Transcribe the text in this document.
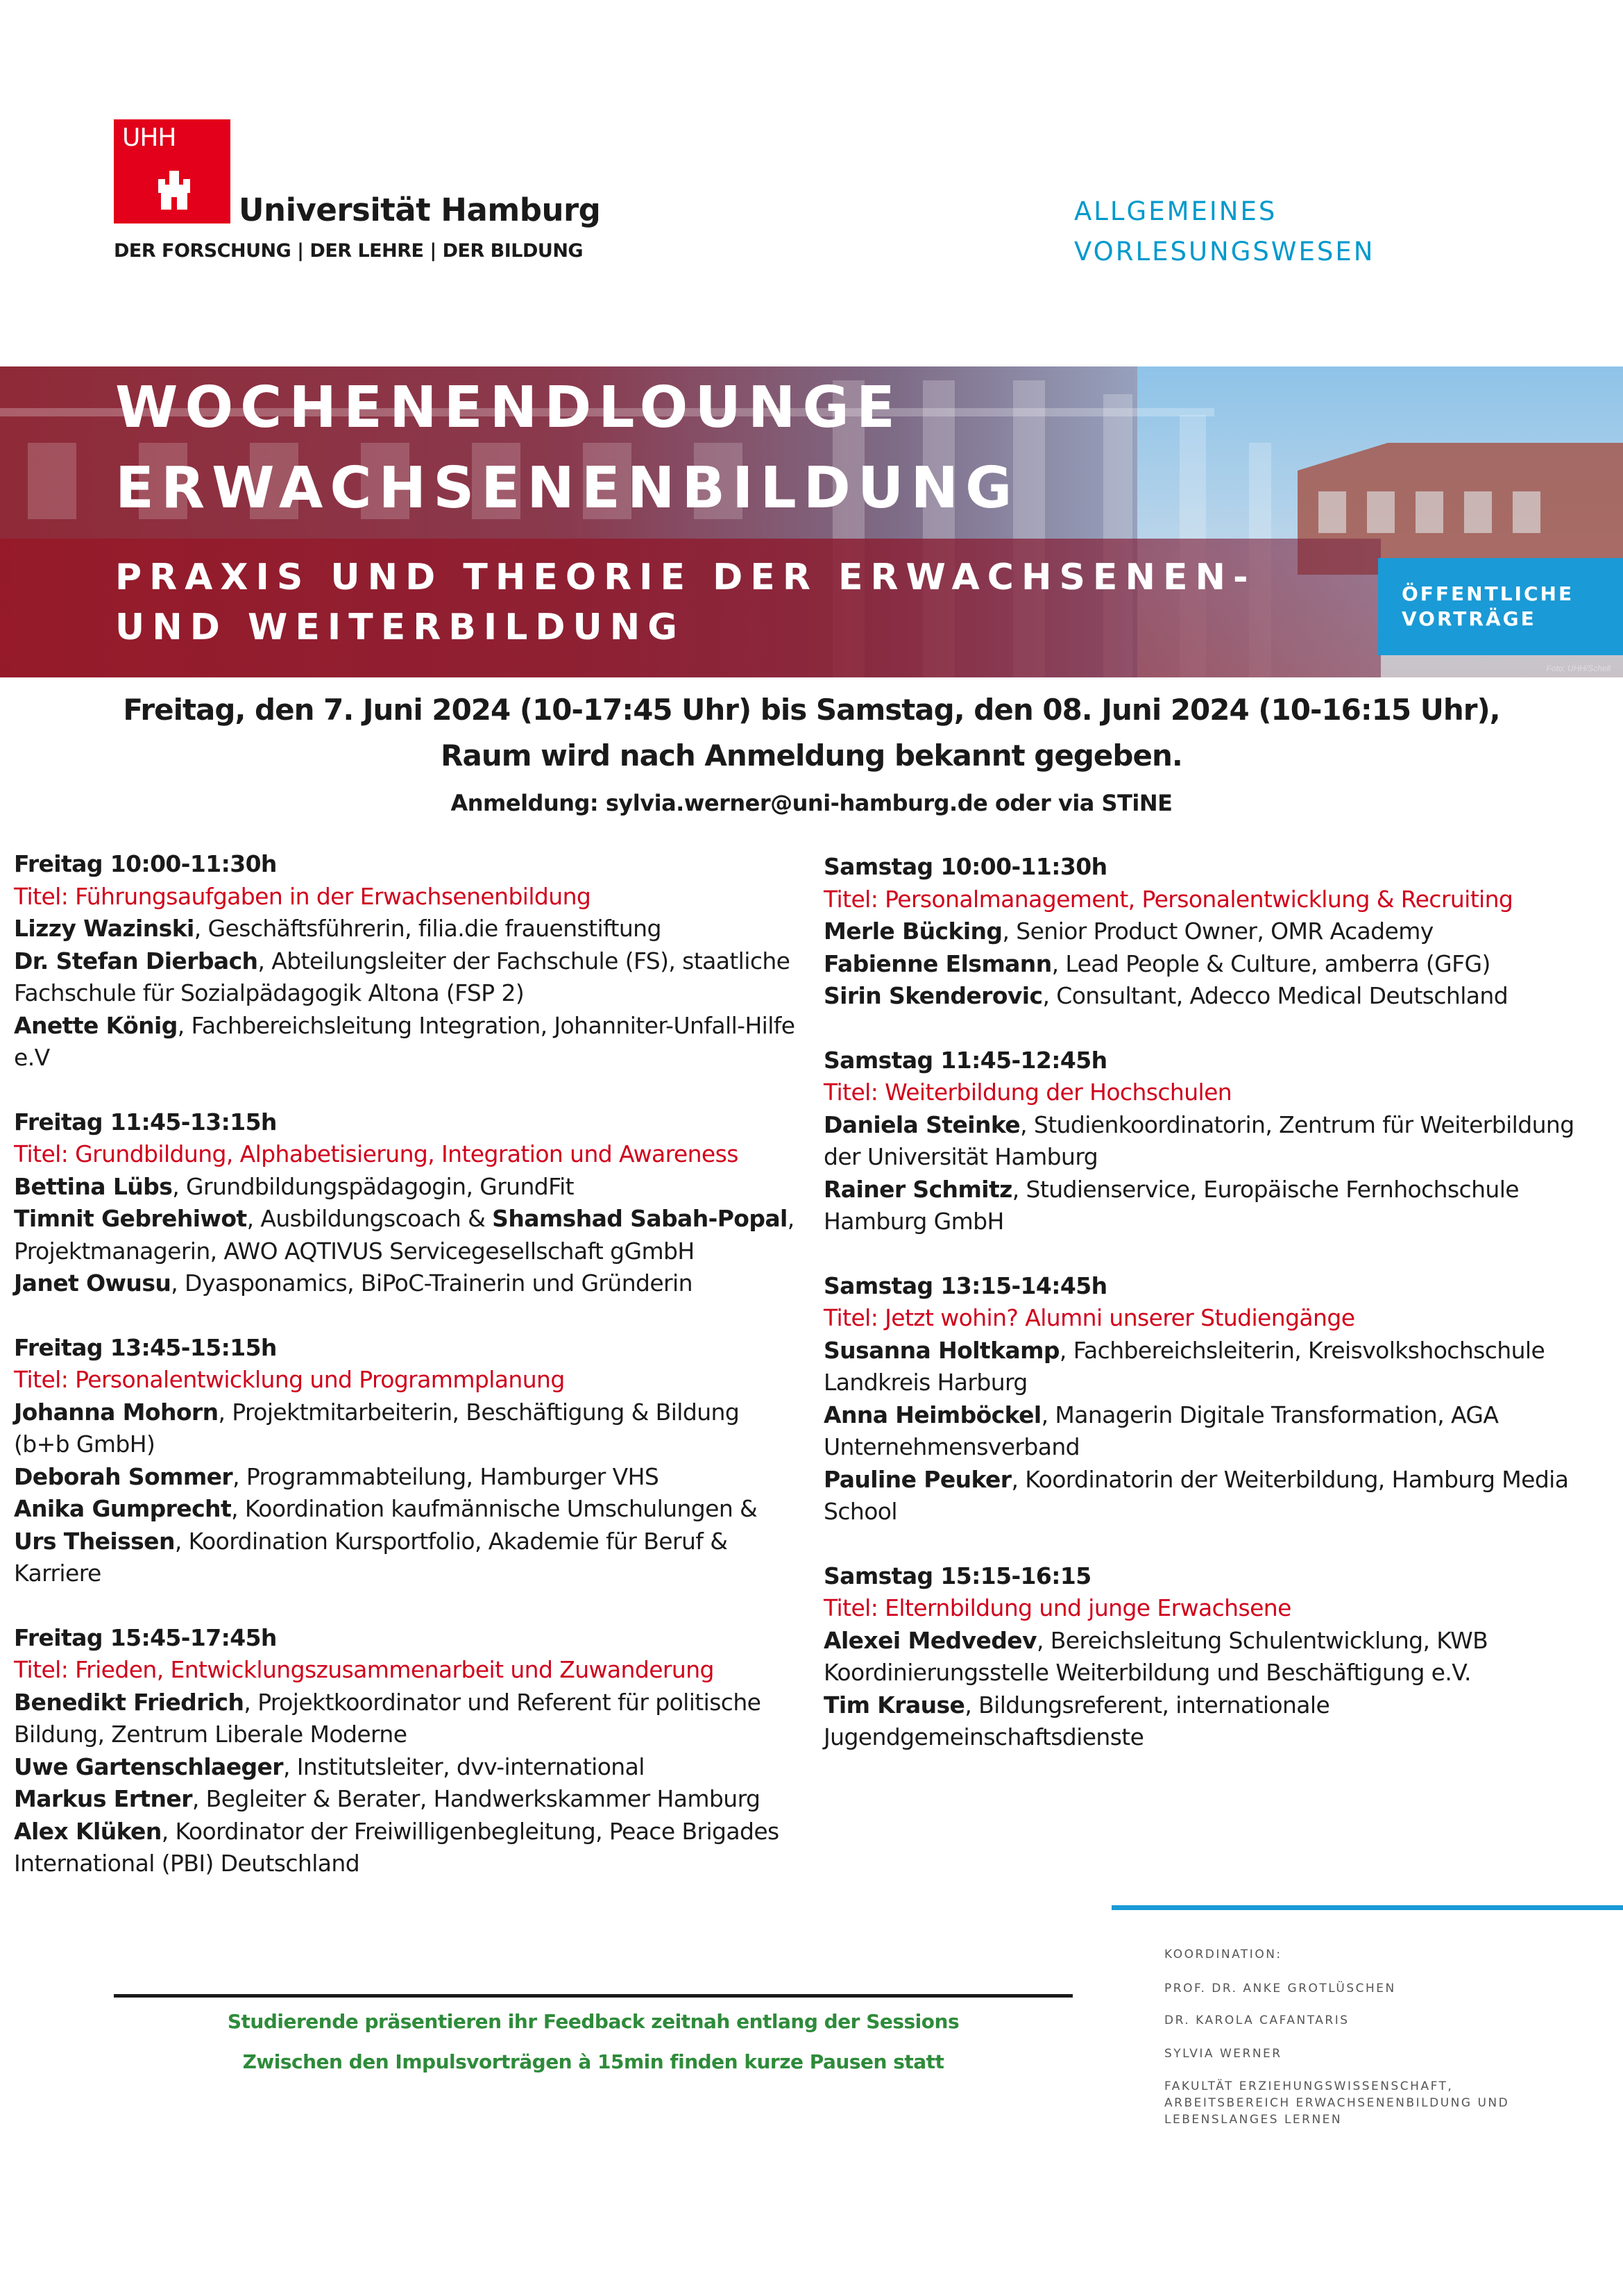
UHH
Universität Hamburg
DER FORSCHUNG | DER LEHRE | DER BILDUNG
ALLGEMEINES
VORLESUNGSWESEN
WOCHENENDLOUNGE
ERWACHSENENBILDUNG
PRAXIS UND THEORIE DER ERWACHSENEN-
UND WEITERBILDUNG
ÖFFENTLICHE
VORTRÄGE
Foto: UHH/Schell
Freitag, den 7. Juni 2024 (10-17:45 Uhr) bis Samstag, den 08. Juni 2024 (10-16:15 Uhr),
Raum wird nach Anmeldung bekannt gegeben.
Anmeldung: sylvia.werner@uni-hamburg.de oder via STiNE
Freitag 10:00-11:30h
Titel: Führungsaufgaben in der Erwachsenenbildung
Lizzy Wazinski, Geschäftsführerin, filia.die frauenstiftung
Dr. Stefan Dierbach, Abteilungsleiter der Fachschule (FS), staatliche Fachschule für Sozialpädagogik Altona (FSP 2)
Anette König, Fachbereichsleitung Integration, Johanniter-Unfall-Hilfe e.V
Freitag 11:45-13:15h
Titel: Grundbildung, Alphabetisierung, Integration und Awareness
Bettina Lübs, Grundbildungspädagogin, GrundFit
Timnit Gebrehiwot, Ausbildungscoach & Shamshad Sabah-Popal, Projektmanagerin, AWO AQTIVUS Servicegesellschaft gGmbH
Janet Owusu, Dyasponamics, BiPoC-Trainerin und Gründerin
Freitag 13:45-15:15h
Titel: Personalentwicklung und Programmplanung
Johanna Mohorn, Projektmitarbeiterin, Beschäftigung & Bildung (b+b GmbH)
Deborah Sommer, Programmabteilung, Hamburger VHS
Anika Gumprecht, Koordination kaufmännische Umschulungen &
Urs Theissen, Koordination Kursportfolio, Akademie für Beruf & Karriere
Freitag 15:45-17:45h
Titel: Frieden, Entwicklungszusammenarbeit und Zuwanderung
Benedikt Friedrich, Projektkoordinator und Referent für politische Bildung, Zentrum Liberale Moderne
Uwe Gartenschlaeger, Institutsleiter, dvv-international
Markus Ertner, Begleiter & Berater, Handwerkskammer Hamburg
Alex Klüken, Koordinator der Freiwilligenbegleitung, Peace Brigades International (PBI) Deutschland
Samstag 10:00-11:30h
Titel: Personalmanagement, Personalentwicklung & Recruiting
Merle Bücking, Senior Product Owner, OMR Academy
Fabienne Elsmann, Lead People & Culture, amberra (GFG)
Sirin Skenderovic, Consultant, Adecco Medical Deutschland
Samstag 11:45-12:45h
Titel: Weiterbildung der Hochschulen
Daniela Steinke, Studienkoordinatorin, Zentrum für Weiterbildung der Universität Hamburg
Rainer Schmitz, Studienservice, Europäische Fernhochschule Hamburg GmbH
Samstag 13:15-14:45h
Titel: Jetzt wohin? Alumni unserer Studiengänge
Susanna Holtkamp, Fachbereichsleiterin, Kreisvolkshochschule Landkreis Harburg
Anna Heimböckel, Managerin Digitale Transformation, AGA Unternehmensverband
Pauline Peuker, Koordinatorin der Weiterbildung, Hamburg Media School
Samstag 15:15-16:15
Titel: Elternbildung und junge Erwachsene
Alexei Medvedev, Bereichsleitung Schulentwicklung, KWB Koordinierungsstelle Weiterbildung und Beschäftigung e.V.
Tim Krause, Bildungsreferent, internationale Jugendgemeinschaftsdienste
Studierende präsentieren ihr Feedback zeitnah entlang der Sessions
Zwischen den Impulsvorträgen à 15min finden kurze Pausen statt
KOORDINATION:
PROF. DR. ANKE GROTLÜSCHEN
DR. KAROLA CAFANTARIS
SYLVIA WERNER
FAKULTÄT ERZIEHUNGSWISSENSCHAFT, ARBEITSBEREICH ERWACHSENENBILDUNG UND LEBENSLANGES LERNEN
